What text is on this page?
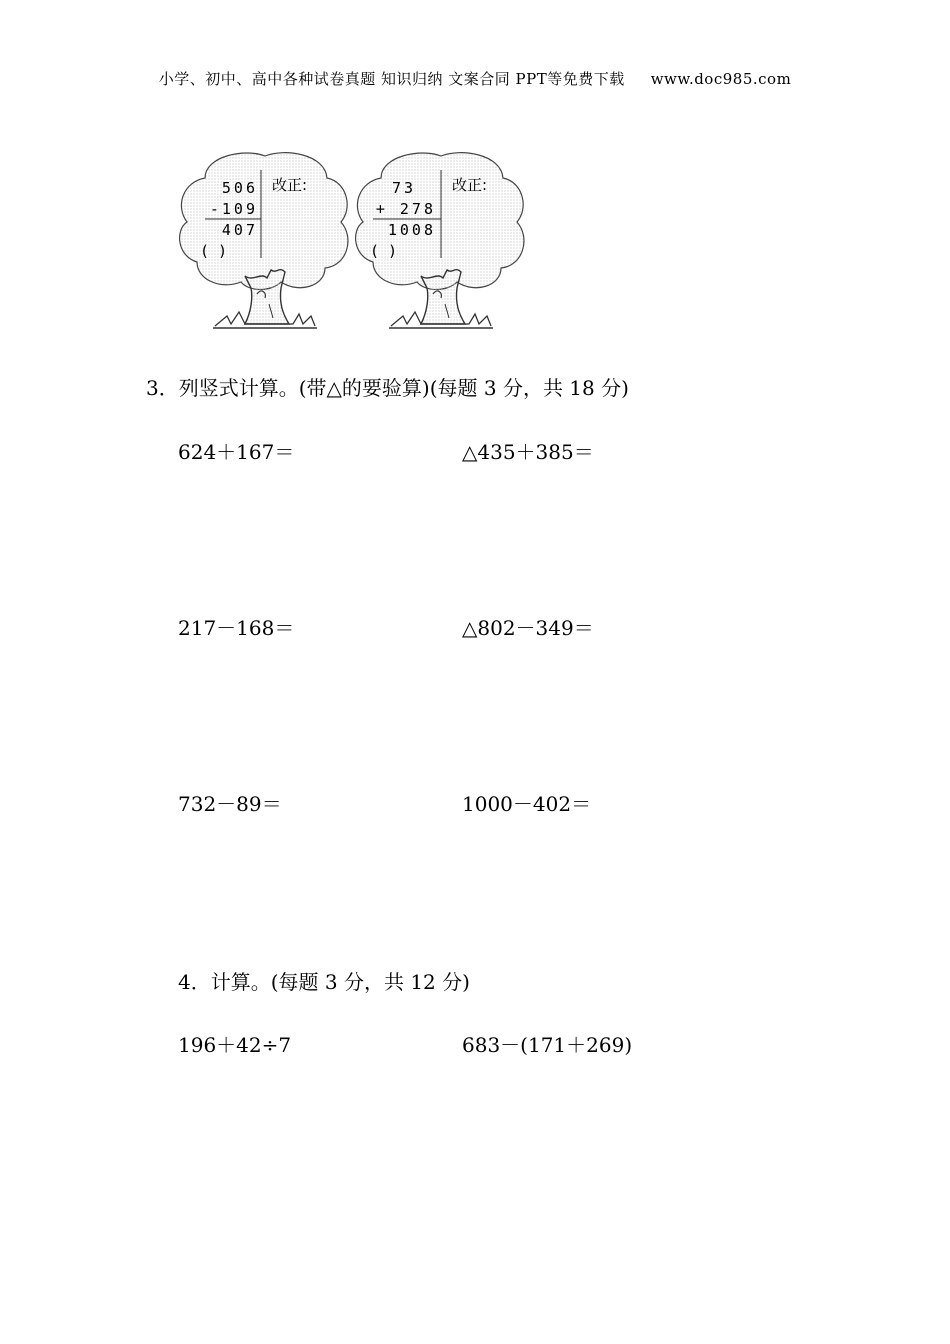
小学、初中、高中各种试卷真题 知识归纳 文案合同 PPT等免费下载 www.doc985.com
506
-109
407
( )
改正:	73
+ 278
1008
( )
改正:
3．列竖式计算。(带△的要验算)(每题 3 分，共 18 分)
624＋167＝	△435＋385＝
217－168＝	△802－349＝
732－89＝	1000－402＝
4．计算。(每题 3 分，共 12 分)
196＋42÷7	683－(171＋269)
